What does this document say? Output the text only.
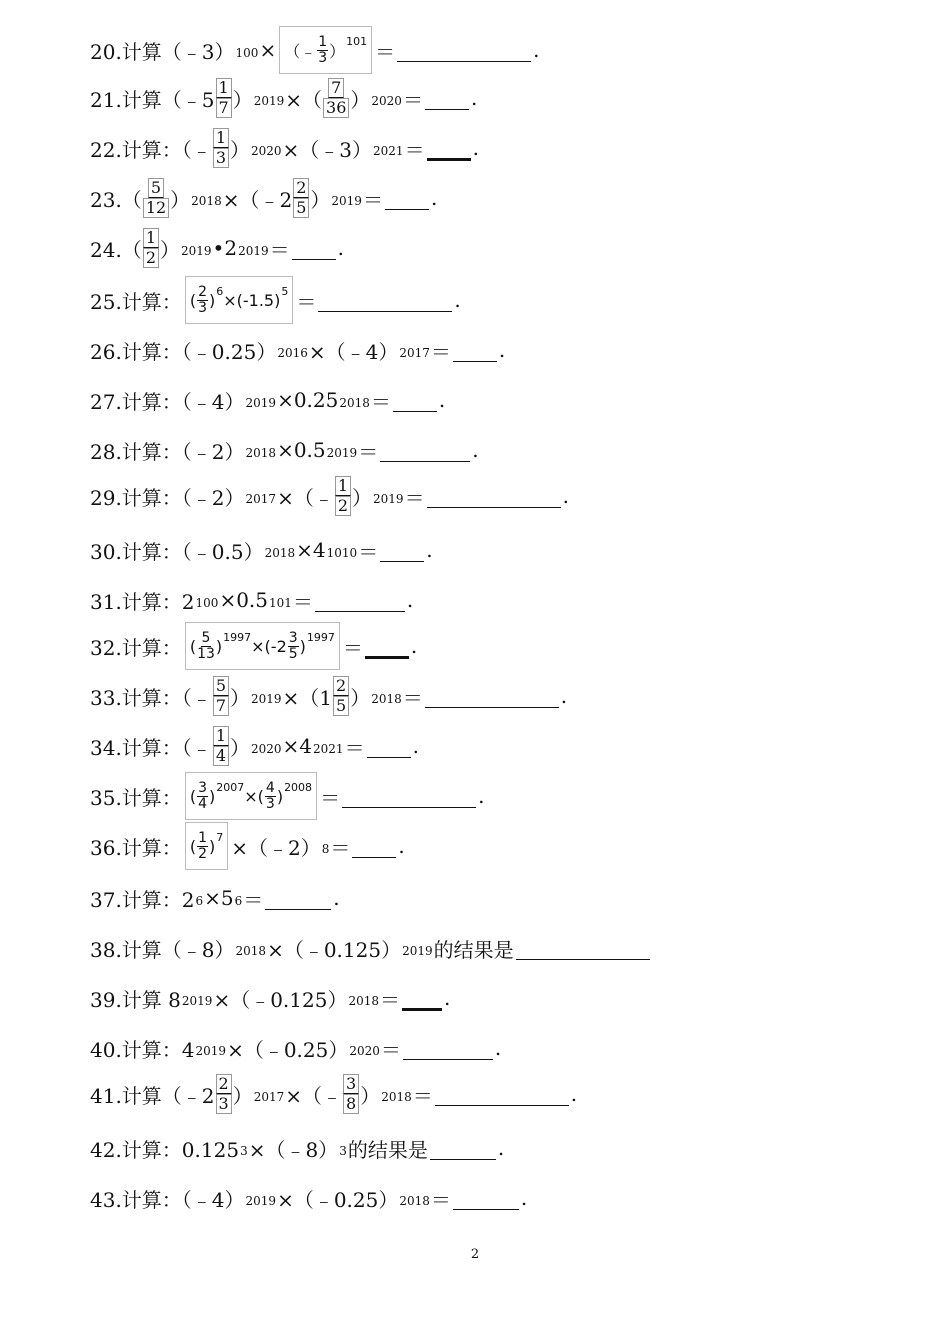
20.计算（﹣3） 100 × （﹣ $\frac{1}{3}$ ）
101 ＝	.
21.计算（﹣5 $\frac{1}{7}$ ） 2019 ×（ $\frac{7}{36}$ ） 2020 ＝ .
22.计算：（﹣ $\frac{1}{3}$ ） 2020 ×（﹣3） 2021 ＝ .
$23.( \frac{5}{12}$ ） 2018 ×（﹣2 $\frac{2}{5}$ ） 2019 ＝ .
$24.( \frac{1}{2}$ ） 2019 •2 2019 ＝ .
25.计算： ( $\frac{2}{3}$ ) 6 ×(-1.5) 5 ＝	.
26.计算：（﹣0.25） 2016 ×（﹣4） 2017 ＝ .
27.计算：（﹣4） 2019 ×0.25 2018 ＝ .
28.计算：（﹣2） 2018 ×0.5 2019 ＝	.
29.计算：（﹣2） 2017 ×（﹣ $\frac{1}{2}$ ） 2019 ＝	.
30.计算：（﹣0.5） 2018 ×4 1010 ＝ .
31.计算：2 100 ×0.5 101 ＝	.
32.计算： ( $\frac{5}{13}$ ) $1997 \times(-2 \frac{3}{5}$ ) 1997 ＝ .
33.计算：（﹣ $\frac{5}{7}$ ） $2019 \times(1 \frac{2}{5}$ ） 2018 ＝	.
34.计算：（﹣ $\frac{1}{4}$ ） 2020 ×4 2021 ＝ .
35.计算： ( $\frac{3}{4}$ ) 2007 ×( $\frac{4}{3}$ ) 2008 ＝	.
36.计算： ( $\frac{1}{2}$ ) 7 ×（﹣2） 8 ＝ .
37.计算：2 6 ×5 6 ＝	.
38.计算（﹣8） 2018 ×（﹣0.125） 2019 的结果是
39.计算 8 2019 ×（﹣0.125） 2018 ＝ .
40.计算：4 2019 ×（﹣0.25） 2020 ＝	.
41.计算（﹣2 $\frac{2}{3}$ ） 2017 ×（﹣ $\frac{3}{8}$ ） 2018 ＝	.
42.计算：0.125 3 ×（﹣8） 3 的结果是	.
43.计算：（﹣4） 2019 ×（﹣0.25） 2018 ＝	.
2
